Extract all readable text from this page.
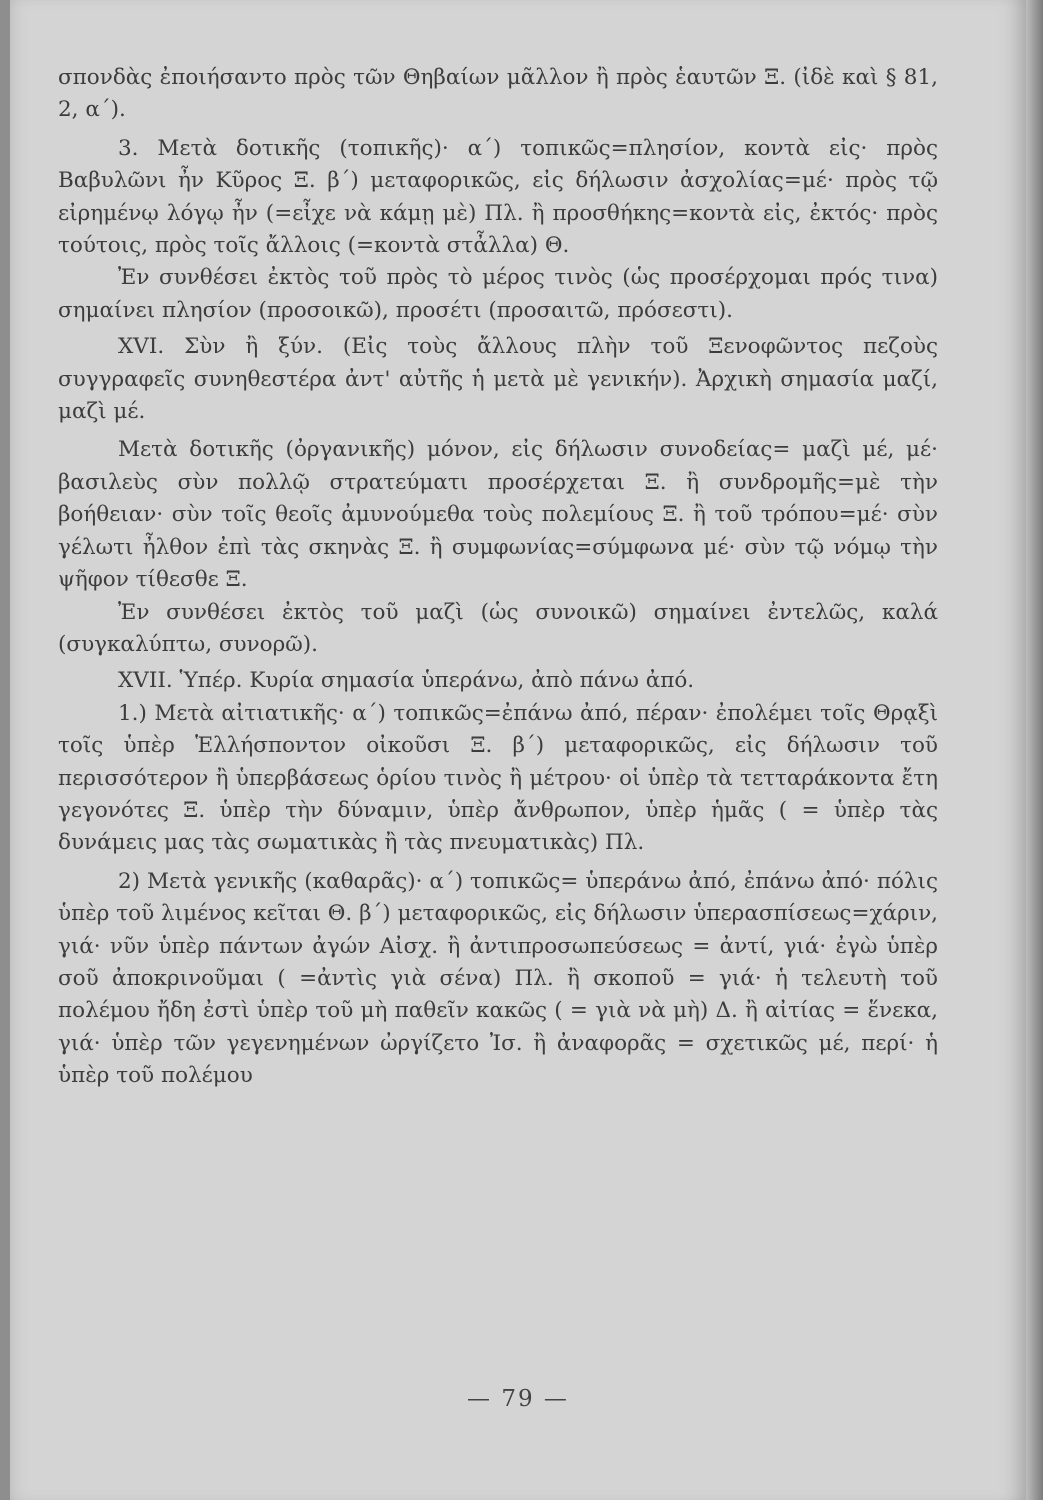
σπονδὰς ἐποιήσαντο πρὸς τῶν Θηβαίων μᾶλλον ἢ πρὸς ἑαυτῶν Ξ. (ἰδὲ καὶ § 81, 2, α΄).

3. Μετὰ δοτικῆς (τοπικῆς)· α΄) τοπικῶς=πλησίον, κοντὰ εἰς· πρὸς Βαβυλῶνι ἦν Κῦρος Ξ. β΄) μεταφορικῶς, εἰς δήλωσιν ἀσχολίας=μέ· πρὸς τῷ εἰρημένῳ λόγῳ ἦν (=εἶχε νὰ κάμῃ μὲ) Πλ. ἢ προσθήκης=κοντὰ εἰς, ἐκτός· πρὸς τούτοις, πρὸς τοῖς ἄλλοις (=κοντὰ στἆλλα) Θ.

Ἐν συνθέσει ἐκτὸς τοῦ πρὸς τὸ μέρος τινὸς (ὡς προσέρχομαι πρός τινα) σημαίνει πλησίον (προσοικῶ), προσέτι (προσαιτῶ, πρόσεστι).

XVI. Σὺν ἢ ξύν. (Εἰς τοὺς ἄλλους πλὴν τοῦ Ξενοφῶντος πεζοὺς συγγραφεῖς συνηθεστέρα ἀντ' αὐτῆς ἡ μετὰ μὲ γενικήν). Ἀρχικὴ σημασία μαζί, μαζὶ μέ.

Μετὰ δοτικῆς (ὀργανικῆς) μόνον, εἰς δήλωσιν συνοδείας= μαζὶ μέ, μέ· βασιλεὺς σὺν πολλῷ στρατεύματι προσέρχεται Ξ. ἢ συνδρομῆς=μὲ τὴν βοήθειαν· σὺν τοῖς θεοῖς ἀμυνούμεθα τοὺς πολεμίους Ξ. ἢ τοῦ τρόπου=μέ· σὺν γέλωτι ἦλθον ἐπὶ τὰς σκηνὰς Ξ. ἢ συμφωνίας=σύμφωνα μέ· σὺν τῷ νόμῳ τὴν ψῆφον τίθεσθε Ξ.

Ἐν συνθέσει ἐκτὸς τοῦ μαζὶ (ὡς συνοικῶ) σημαίνει ἐντελῶς, καλά (συγκαλύπτω, συνορῶ).

XVII. Ὑπέρ. Κυρία σημασία ὑπεράνω, ἀπὸ πάνω ἀπό.

1.) Μετὰ αἰτιατικῆς· α΄) τοπικῶς=ἐπάνω ἀπό, πέραν· ἐπολέμει τοῖς Θρᾳξὶ τοῖς ὑπὲρ Ἑλλήσποντον οἰκοῦσι Ξ. β΄) μεταφορικῶς, εἰς δήλωσιν τοῦ περισσότερον ἢ ὑπερβάσεως ὁρίου τινὸς ἢ μέτρου· οἱ ὑπὲρ τὰ τετταράκοντα ἔτη γεγονότες Ξ. ὑπὲρ τὴν δύναμιν, ὑπὲρ ἄνθρωπον, ὑπὲρ ἡμᾶς ( = ὑπὲρ τὰς δυνάμεις μας τὰς σωματικὰς ἢ τὰς πνευματικὰς) Πλ.

2) Μετὰ γενικῆς (καθαρᾶς)· α΄) τοπικῶς= ὑπεράνω ἀπό, ἐπάνω ἀπό· πόλις ὑπὲρ τοῦ λιμένος κεῖται Θ. β΄) μεταφορικῶς, εἰς δήλωσιν ὑπερασπίσεως=χάριν, γιά· νῦν ὑπὲρ πάντων ἀγών Αἰσχ. ἢ ἀντιπροσωπεύσεως = ἀντί, γιά· ἐγὼ ὑπὲρ σοῦ ἀποκρινοῦμαι ( =ἀντὶς γιὰ σένα) Πλ. ἢ σκοποῦ = γιά· ἡ τελευτὴ τοῦ πολέμου ἤδη ἐστὶ ὑπὲρ τοῦ μὴ παθεῖν κακῶς ( = γιὰ νὰ μὴ) Δ. ἢ αἰτίας = ἕνεκα, γιά· ὑπὲρ τῶν γεγενημένων ὠργίζετο Ἰσ. ἢ ἀναφορᾶς = σχετικῶς μέ, περί· ἡ ὑπὲρ τοῦ πολέμου

— 79 —
